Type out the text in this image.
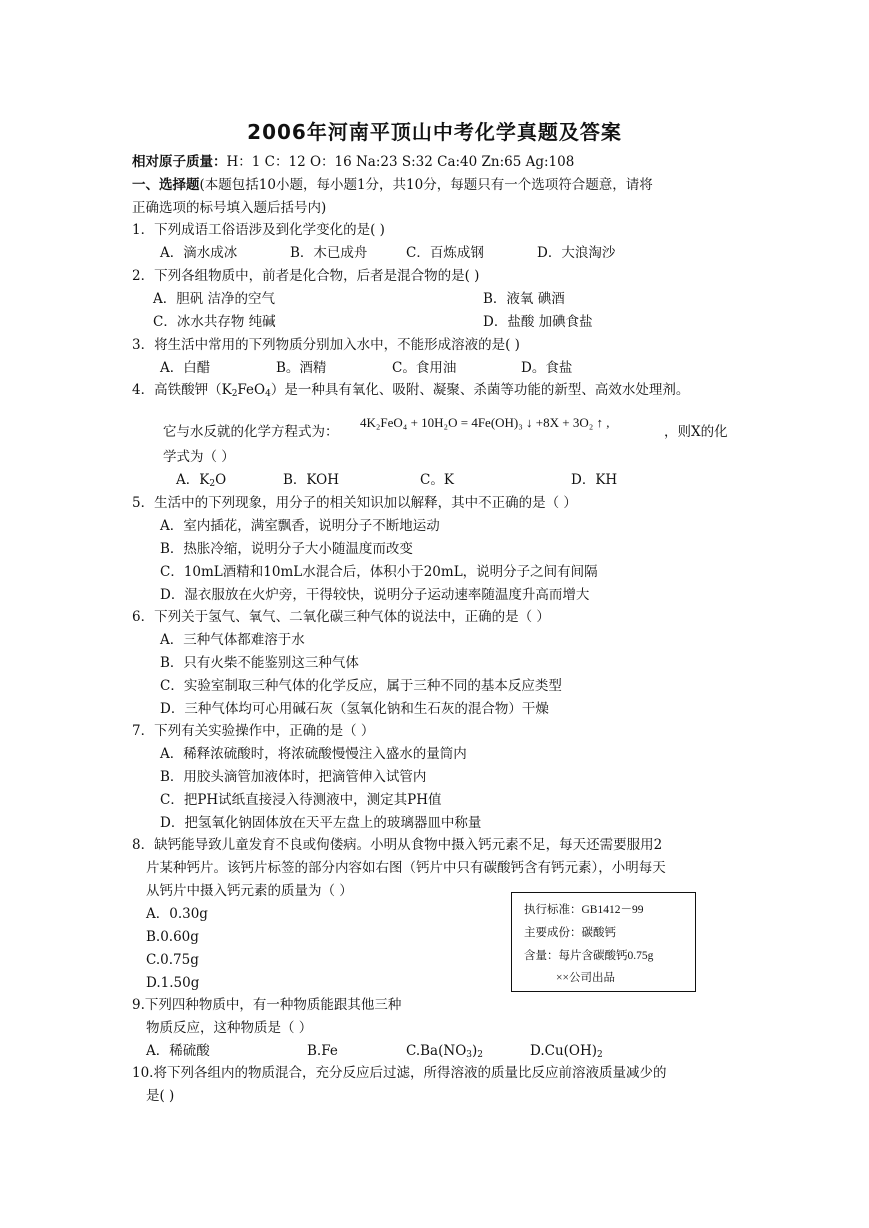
2006年河南平顶山中考化学真题及答案
相对原子质量：H：1 C：12 O：16 Na:23 S:32 Ca:40 Zn:65 Ag:108
一、选择题(本题包括10小题，每小题1分，共10分，每题只有一个选项符合题意，请将
正确选项的标号填入题后括号内)
1．下列成语工俗语涉及到化学变化的是( )
A．滴水成冰	B．木已成舟	C．百炼成钢	D．大浪淘沙
2．下列各组物质中，前者是化合物，后者是混合物的是( )
A．胆矾 洁净的空气	B．液氧 碘酒
C．冰水共存物 纯碱	D．盐酸 加碘食盐
3．将生活中常用的下列物质分别加入水中，不能形成溶液的是( )
A．白醋	B。酒精	C。食用油	D。食盐
4．高铁酸钾$(K_2FeO_4)$是一种具有氧化、吸附、凝聚、杀菌等功能的新型、高效水处理剂。
它与水反就的化学方程式为：
4K₂FeO₄ + 10H₂O = 4Fe(OH)₃ ↓ +8X + 3O₂ ↑ ,
，则X的化
学式为（ ）
A．$K_2O$	B．KOH	C。K	D．KH
5．生活中的下列现象，用分子的相关知识加以解释，其中不正确的是（ ）
A．室内插花，满室飘香，说明分子不断地运动
B．热胀冷缩，说明分子大小随温度而改变
C．10mL酒精和10mL水混合后，体积小于20mL，说明分子之间有间隔
D．湿衣服放在火炉旁，干得较快，说明分子运动速率随温度升高而增大
6．下列关于氢气、氧气、二氧化碳三种气体的说法中，正确的是（ ）
A．三种气体都难溶于水
B．只有火柴不能鉴别这三种气体
C．实验室制取三种气体的化学反应，属于三种不同的基本反应类型
D．三种气体均可心用碱石灰（氢氧化钠和生石灰的混合物）干燥
7．下列有关实验操作中，正确的是（ ）
A．稀释浓硫酸时，将浓硫酸慢慢注入盛水的量筒内
B．用胶头滴管加液体时，把滴管伸入试管内
C．把PH试纸直接浸入待测液中，测定其PH值
D．把氢氧化钠固体放在天平左盘上的玻璃器皿中称量
8．缺钙能导致儿童发育不良或佝偻病。小明从食物中摄入钙元素不足，每天还需要服用2
片某种钙片。该钙片标签的部分内容如右图（钙片中只有碳酸钙含有钙元素），小明每天
从钙片中摄入钙元素的质量为（ ）
A．0.30g
B.0.60g
C.0.75g
D.1.50g
执行标准：GB1412－99
主要成份：碳酸钙
含量：每片含碳酸钙0.75g
××公司出品
9.下列四种物质中，有一种物质能跟其他三种
物质反应，这种物质是（ ）
A．稀硫酸	B.Fe	$C.Ba(NO_3)_2$	$D.Cu(OH)_2$
10.将下列各组内的物质混合，充分反应后过滤，所得溶液的质量比反应前溶液质量减少的
是( )
